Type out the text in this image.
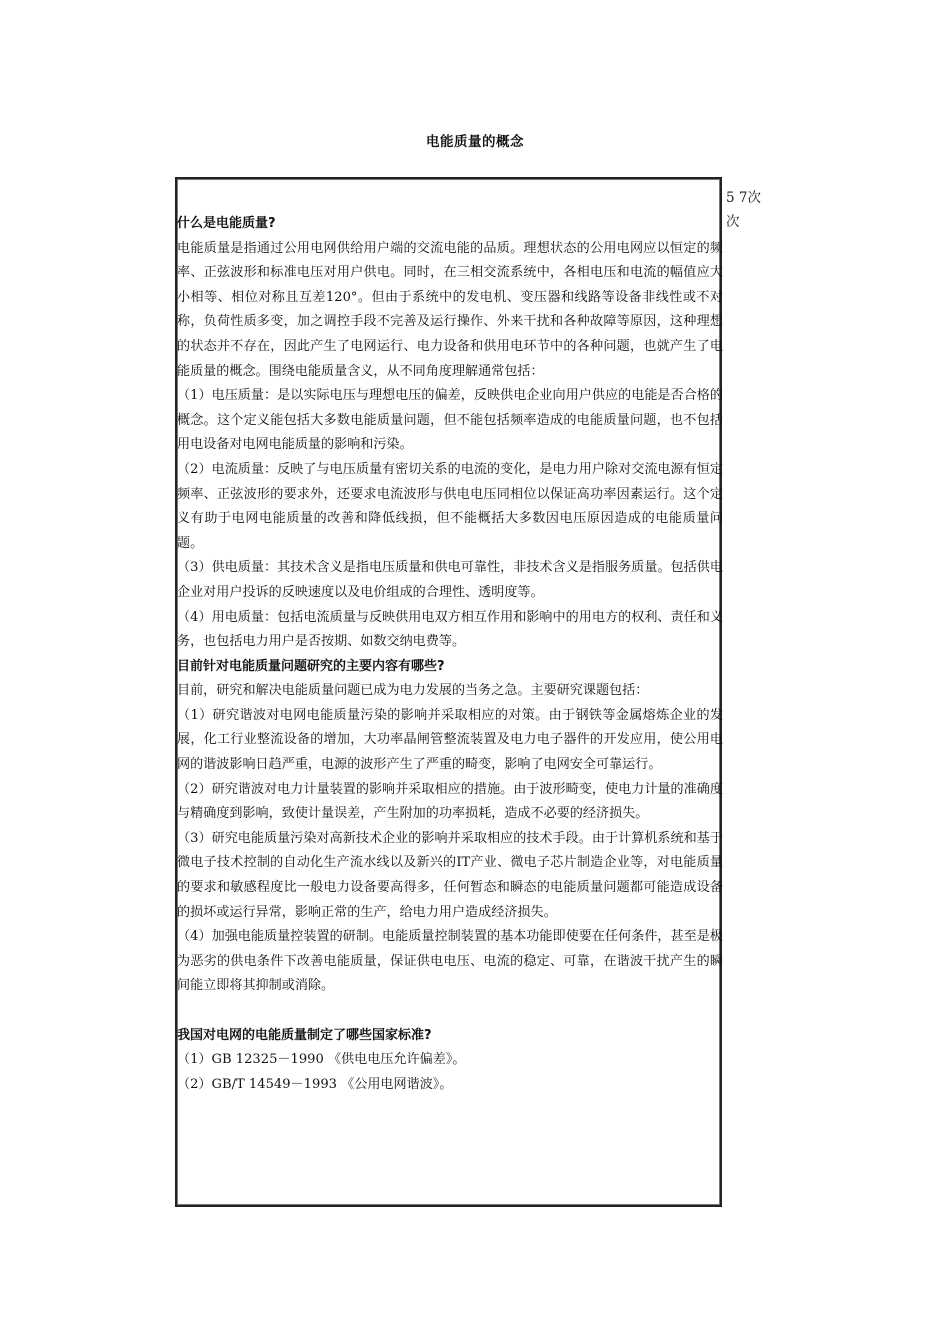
电能质量的概念
5 7次
次

什么是电能质量?

电能质量是指通过公用电网供给用户端的交流电能的品质。理想状态的公用电网应以恒定的频率、正弦波形和标准电压对用户供电。同时，在三相交流系统中，各相电压和电流的幅值应大小相等、相位对称且互差120°。但由于系统中的发电机、变压器和线路等设备非线性或不对称，负荷性质多变，加之调控手段不完善及运行操作、外来干扰和各种故障等原因，这种理想的状态并不存在，因此产生了电网运行、电力设备和供用电环节中的各种问题，也就产生了电能质量的概念。围绕电能质量含义，从不同角度理解通常包括：

（1）电压质量：是以实际电压与理想电压的偏差，反映供电企业向用户供应的电能是否合格的概念。这个定义能包括大多数电能质量问题，但不能包括频率造成的电能质量问题，也不包括用电设备对电网电能质量的影响和污染。

（2）电流质量：反映了与电压质量有密切关系的电流的变化，是电力用户除对交流电源有恒定频率、正弦波形的要求外，还要求电流波形与供电电压同相位以保证高功率因素运行。这个定义有助于电网电能质量的改善和降低线损，但不能概括大多数因电压原因造成的电能质量问题。

（3）供电质量：其技术含义是指电压质量和供电可靠性，非技术含义是指服务质量。包括供电企业对用户投诉的反映速度以及电价组成的合理性、透明度等。

（4）用电质量：包括电流质量与反映供用电双方相互作用和影响中的用电方的权利、责任和义务，也包括电力用户是否按期、如数交纳电费等。

目前针对电能质量问题研究的主要内容有哪些?

目前，研究和解决电能质量问题已成为电力发展的当务之急。主要研究课题包括：

（1）研究谐波对电网电能质量污染的影响并采取相应的对策。由于钢铁等金属熔炼企业的发展，化工行业整流设备的增加，大功率晶闸管整流装置及电力电子器件的开发应用，使公用电网的谐波影响日趋严重，电源的波形产生了严重的畸变，影响了电网安全可靠运行。

（2）研究谐波对电力计量装置的影响并采取相应的措施。由于波形畸变，使电力计量的准确度与精确度到影响，致使计量误差，产生附加的功率损耗，造成不必要的经济损失。

（3）研究电能质量污染对高新技术企业的影响并采取相应的技术手段。由于计算机系统和基于微电子技术控制的自动化生产流水线以及新兴的IT产业、微电子芯片制造企业等，对电能质量的要求和敏感程度比一般电力设备要高得多，任何暂态和瞬态的电能质量问题都可能造成设备的损坏或运行异常，影响正常的生产，给电力用户造成经济损失。

（4）加强电能质量控装置的研制。电能质量控制装置的基本功能即使要在任何条件，甚至是极为恶劣的供电条件下改善电能质量，保证供电电压、电流的稳定、可靠，在谐波干扰产生的瞬间能立即将其抑制或消除。

我国对电网的电能质量制定了哪些国家标准?

（1）GB 12325－1990 《供电电压允许偏差》。

（2）GB/T 14549－1993 《公用电网谐波》。
